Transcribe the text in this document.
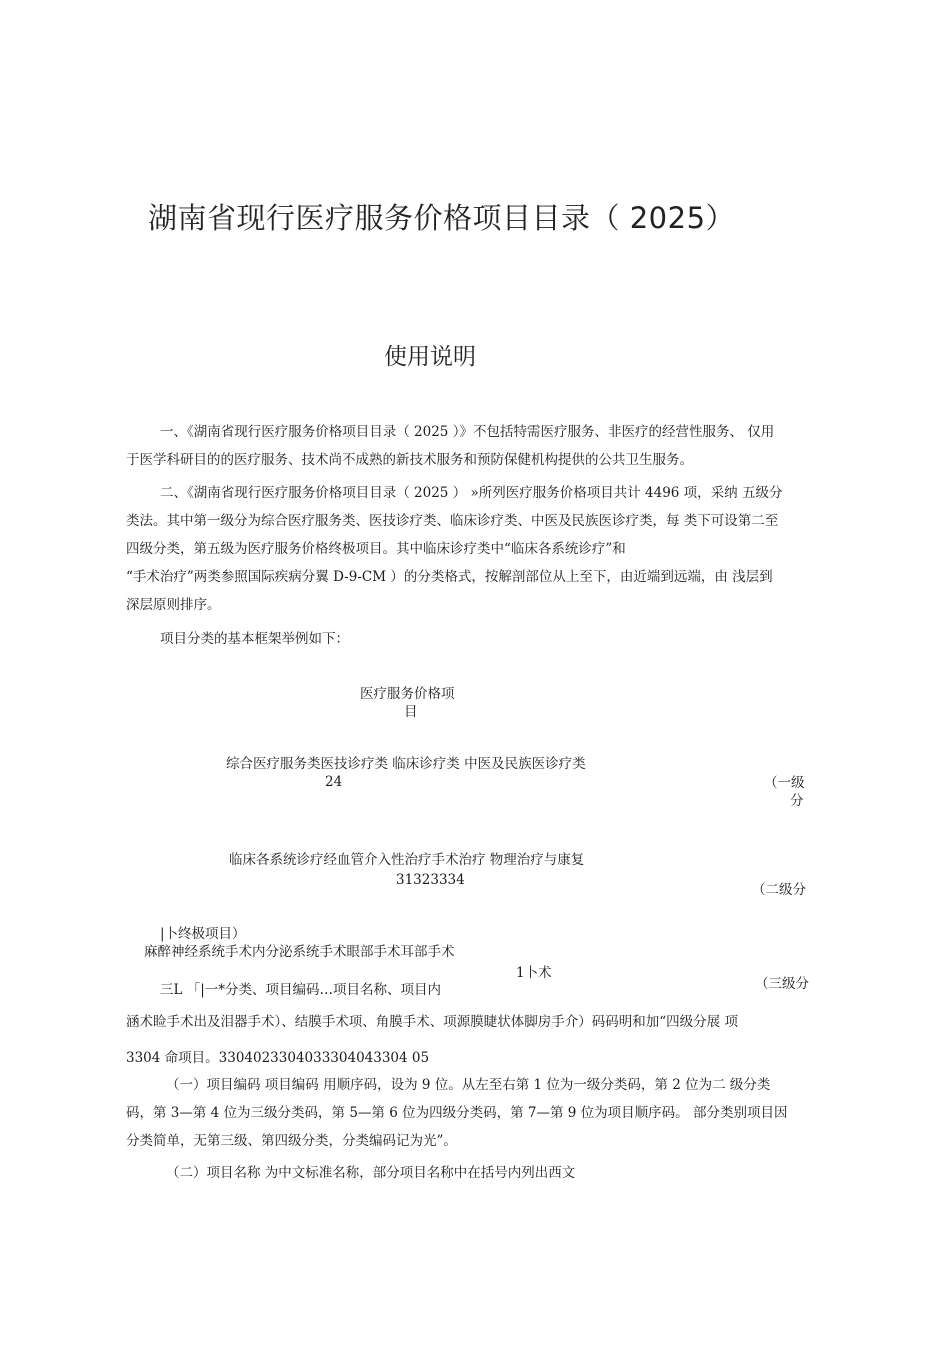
湖南省现行医疗服务价格项目目录（ 2025）
使用说明
一、《湖南省现行医疗服务价格项目目录（ 2025 ）》不包括特需医疗服务、非医疗的经营性服务、 仅用
于医学科研目的的医疗服务、技术尚不成熟的新技术服务和预防保健机构提供的公共卫生服务。
二、《湖南省现行医疗服务价格项目目录（ 2025 ） »所列医疗服务价格项目共计 4496 项，采纳 五级分
类法。其中第一级分为综合医疗服务类、医技诊疗类、临床诊疗类、中医及民族医诊疗类，每 类下可设第二至
四级分类，第五级为医疗服务价格终极项目。其中临床诊疗类中“临床各系统诊疗”和
“手术治疗”两类参照国际疾病分翼 D-9-CM ）的分类格式，按解剖部位从上至下，由近端到远端，由 浅层到
深层原则排序。
项目分类的基本框架举例如下：
医疗服务价格项
目
综合医疗服务类医技诊疗类 临床诊疗类 中医及民族医诊疗类
24	（一级
分
临床各系统诊疗经血管介入性治疗手术治疗 物理治疗与康复
31323334
（二级分
|卜终极项目）
麻醉神经系统手术内分泌系统手术眼部手术耳部手术
1卜术
（三级分
三L 「|一*分类、项目编码…项目名称、项目内
涵术睑手术出及泪器手术）、结膜手术项、角膜手术、项源膜睫状体脚房手介）码码明和加“四级分展 项
3304 命项目。3304023304033304043304 05
（一）项目编码 项目编码 用顺序码，设为 9 位。从左至右第 1 位为一级分类码，第 2 位为二 级分类
码，第 3—第 4 位为三级分类码，第 5—第 6 位为四级分类码，第 7—第 9 位为项目顺序码。 部分类别项目因
分类简单，无第三级、第四级分类，分类编码记为光”。
（二）项目名称 为中文标准名称，部分项目名称中在括号内列出西文
